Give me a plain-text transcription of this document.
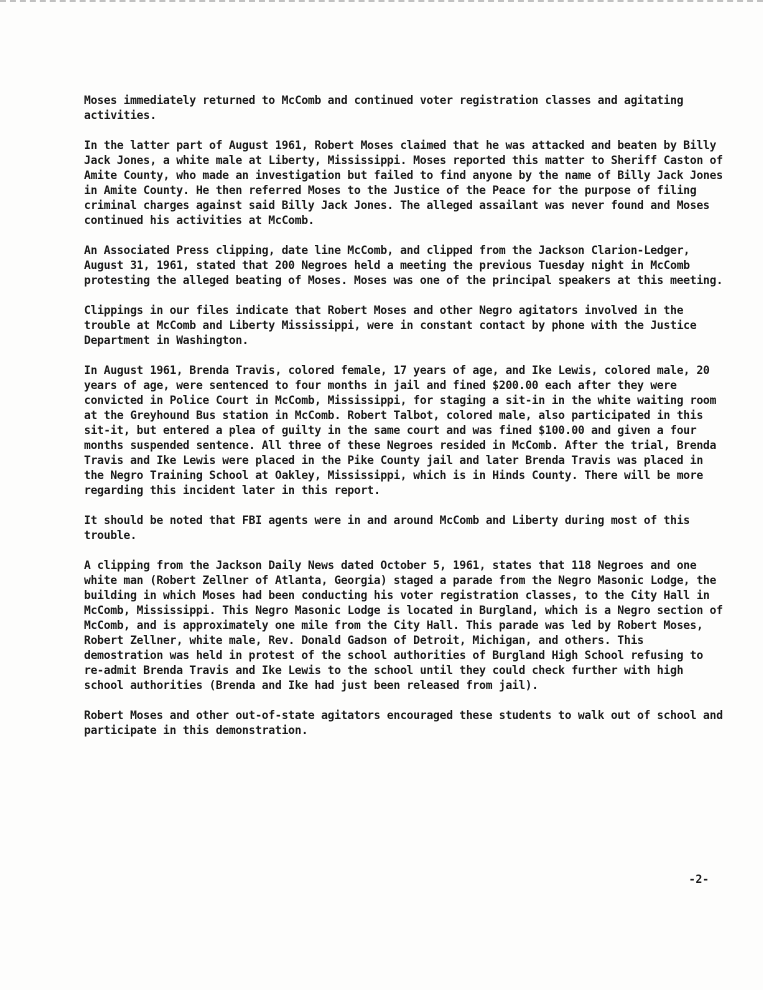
Moses immediately returned to McComb and continued voter registration classes and agitating activities.

In the latter part of August 1961, Robert Moses claimed that he was attacked and beaten by Billy Jack Jones, a white male at Liberty, Mississippi. Moses reported this matter to Sheriff Caston of Amite County, who made an investigation but failed to find anyone by the name of Billy Jack Jones in Amite County. He then referred Moses to the Justice of the Peace for the purpose of filing criminal charges against said Billy Jack Jones. The alleged assailant was never found and Moses continued his activities at McComb.

An Associated Press clipping, date line McComb, and clipped from the Jackson Clarion-Ledger, August 31, 1961, stated that 200 Negroes held a meeting the previous Tuesday night in McComb protesting the alleged beating of Moses. Moses was one of the principal speakers at this meeting.

Clippings in our files indicate that Robert Moses and other Negro agitators involved in the trouble at McComb and Liberty Mississippi, were in constant contact by phone with the Justice Department in Washington.

In August 1961, Brenda Travis, colored female, 17 years of age, and Ike Lewis, colored male, 20 years of age, were sentenced to four months in jail and fined $200.00 each after they were convicted in Police Court in McComb, Mississippi, for staging a sit-in in the white waiting room at the Greyhound Bus station in McComb. Robert Talbot, colored male, also participated in this sit-it, but entered a plea of guilty in the same court and was fined $100.00 and given a four months suspended sentence. All three of these Negroes resided in McComb. After the trial, Brenda Travis and Ike Lewis were placed in the Pike County jail and later Brenda Travis was placed in the Negro Training School at Oakley, Mississippi, which is in Hinds County. There will be more regarding this incident later in this report.

It should be noted that FBI agents were in and around McComb and Liberty during most of this trouble.

A clipping from the Jackson Daily News dated October 5, 1961, states that 118 Negroes and one white man (Robert Zellner of Atlanta, Georgia) staged a parade from the Negro Masonic Lodge, the building in which Moses had been conducting his voter registration classes, to the City Hall in McComb, Mississippi. This Negro Masonic Lodge is located in Burgland, which is a Negro section of McComb, and is approximately one mile from the City Hall. This parade was led by Robert Moses, Robert Zellner, white male, Rev. Donald Gadson of Detroit, Michigan, and others. This demostration was held in protest of the school authorities of Burgland High School refusing to re-admit Brenda Travis and Ike Lewis to the school until they could check further with high school authorities (Brenda and Ike had just been released from jail).

Robert Moses and other out-of-state agitators encouraged these students to walk out of school and participate in this demonstration.

-2-
